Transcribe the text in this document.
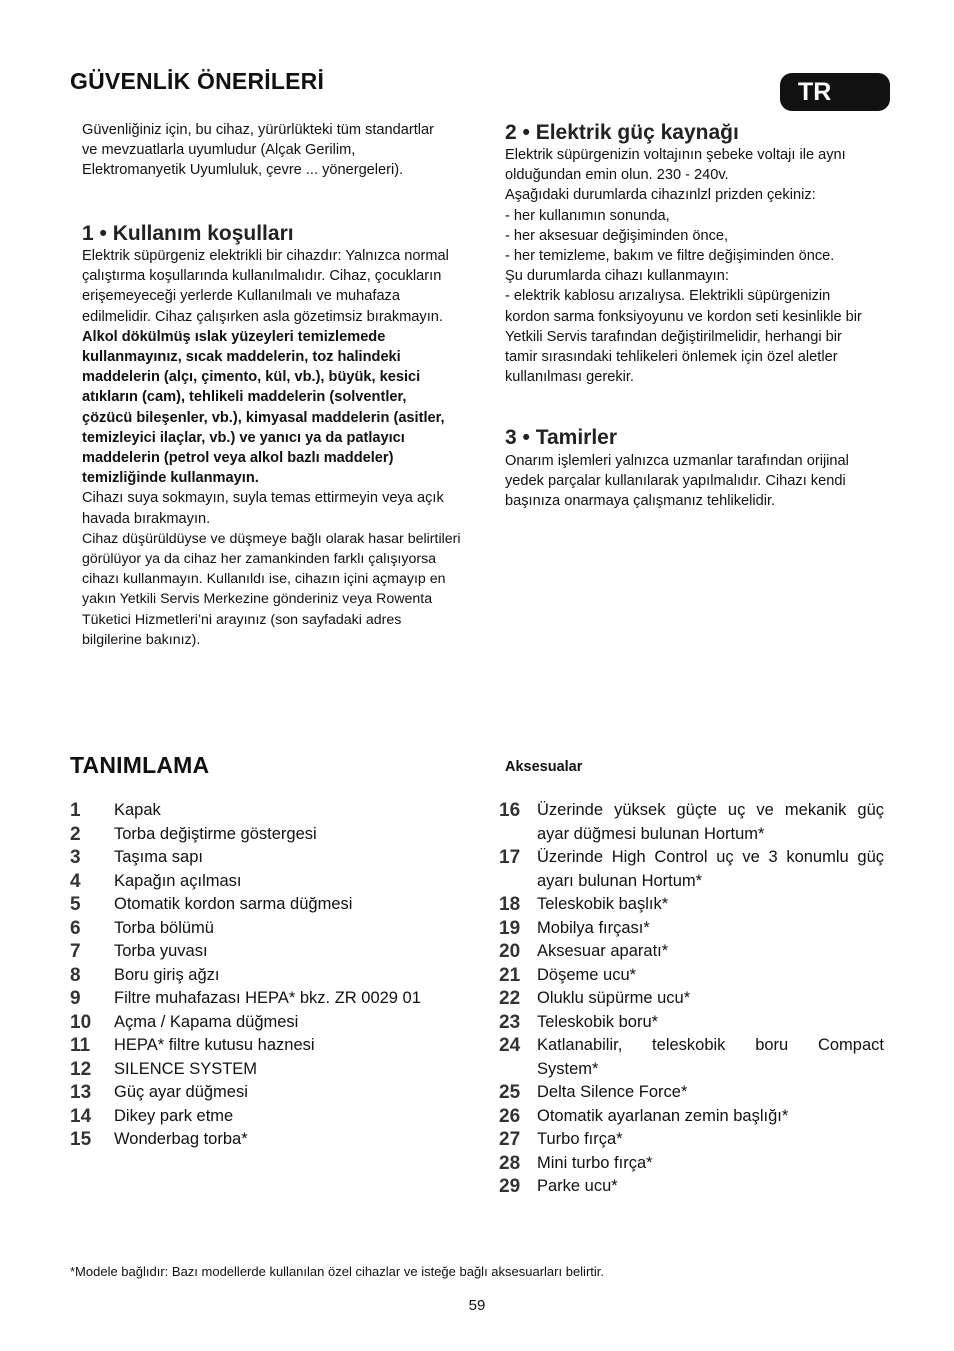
GÜVENLİK ÖNERİLERİ	TR

Güvenliğiniz için, bu cihaz, yürürlükteki tüm standartlar ve mevzuatlarla uyumludur (Alçak Gerilim, Elektromanyetik Uyumluluk, çevre ... yönergeleri).

1 • Kullanım koşulları

Elektrik süpürgeniz elektrikli bir cihazdır: Yalnızca normal çalıştırma koşullarında kullanılmalıdır. Cihaz, çocukların erişemeyeceği yerlerde Kullanılmalı ve muhafaza edilmelidir. Cihaz çalışırken asla gözetimsiz bırakmayın.

Alkol dökülmüş ıslak yüzeyleri temizlemede kullanmayınız, sıcak maddelerin, toz halindeki maddelerin (alçı, çimento, kül, vb.), büyük, kesici atıkların (cam), tehlikeli maddelerin (solventler, çözücü bileşenler, vb.), kimyasal maddelerin (asitler, temizleyici ilaçlar, vb.) ve yanıcı ya da patlayıcı maddelerin (petrol veya alkol bazlı maddeler) temizliğinde kullanmayın.

Cihazı suya sokmayın, suyla temas ettirmeyin veya açık havada bırakmayın.

Cihaz düşürüldüyse ve düşmeye bağlı olarak hasar belirtileri görülüyor ya da cihaz her zamankinden farklı çalışıyorsa cihazı kullanmayın. Kullanıldı ise, cihazın içini açmayıp en yakın Yetkili Servis Merkezine gönderiniz veya Rowenta Tüketici Hizmetleri’ni arayınız (son sayfadaki adres bilgilerine bakınız).

2 • Elektrik güç kaynağı

Elektrik süpürgenizin voltajının şebeke voltajı ile aynı olduğundan emin olun. 230 - 240v.
Aşağıdaki durumlarda cihazınlzl prizden çekiniz:
- her kullanımın sonunda,
- her aksesuar değişiminden önce,
- her temizleme, bakım ve filtre değişiminden önce.
Şu durumlarda cihazı kullanmayın:
- elektrik kablosu arızalıysa. Elektrikli süpürgenizin kordon sarma fonksiyoyunu ve kordon seti kesinlikle bir Yetkili Servis tarafından değiştirilmelidir, herhangi bir tamir sırasındaki tehlikeleri önlemek için özel aletler kullanılması gerekir.

3 • Tamirler

Onarım işlemleri yalnızca uzmanlar tarafından orijinal yedek parçalar kullanılarak yapılmalıdır. Cihazı kendi başınıza onarmaya çalışmanız tehlikelidir.

TANIMLAMA	Aksesualar
1 Kapak
2 Torba değiştirme göstergesi
3 Taşıma sapı
4 Kapağın açılması
5 Otomatik kordon sarma düğmesi
6 Torba bölümü
7 Torba yuvası
8 Boru giriş ağzı
9 Filtre muhafazası HEPA* bkz. ZR 0029 01
10 Açma / Kapama düğmesi
11 HEPA* filtre kutusu haznesi
12 SILENCE SYSTEM
13 Güç ayar düğmesi
14 Dikey park etme
15 Wonderbag torba*
16 Üzerinde yüksek güçte uç ve mekanik güç
ayar düğmesi bulunan Hortum*
17 Üzerinde High Control uç ve 3 konumlu güç
ayarı bulunan Hortum*
18 Teleskobik başlık*
19 Mobilya fırçası*
20 Aksesuar aparatı*
21 Döşeme ucu*
22 Oluklu süpürme ucu*
23 Teleskobik boru*
24 Katlanabilir, teleskobik boru Compact
System*
25 Delta Silence Force*
26 Otomatik ayarlanan zemin başlığı*
27 Turbo fırça*
28 Mini turbo fırça*
29 Parke ucu*
*Modele bağlıdır: Bazı modellerde kullanılan özel cihazlar ve isteğe bağlı aksesuarları belirtir.
59
